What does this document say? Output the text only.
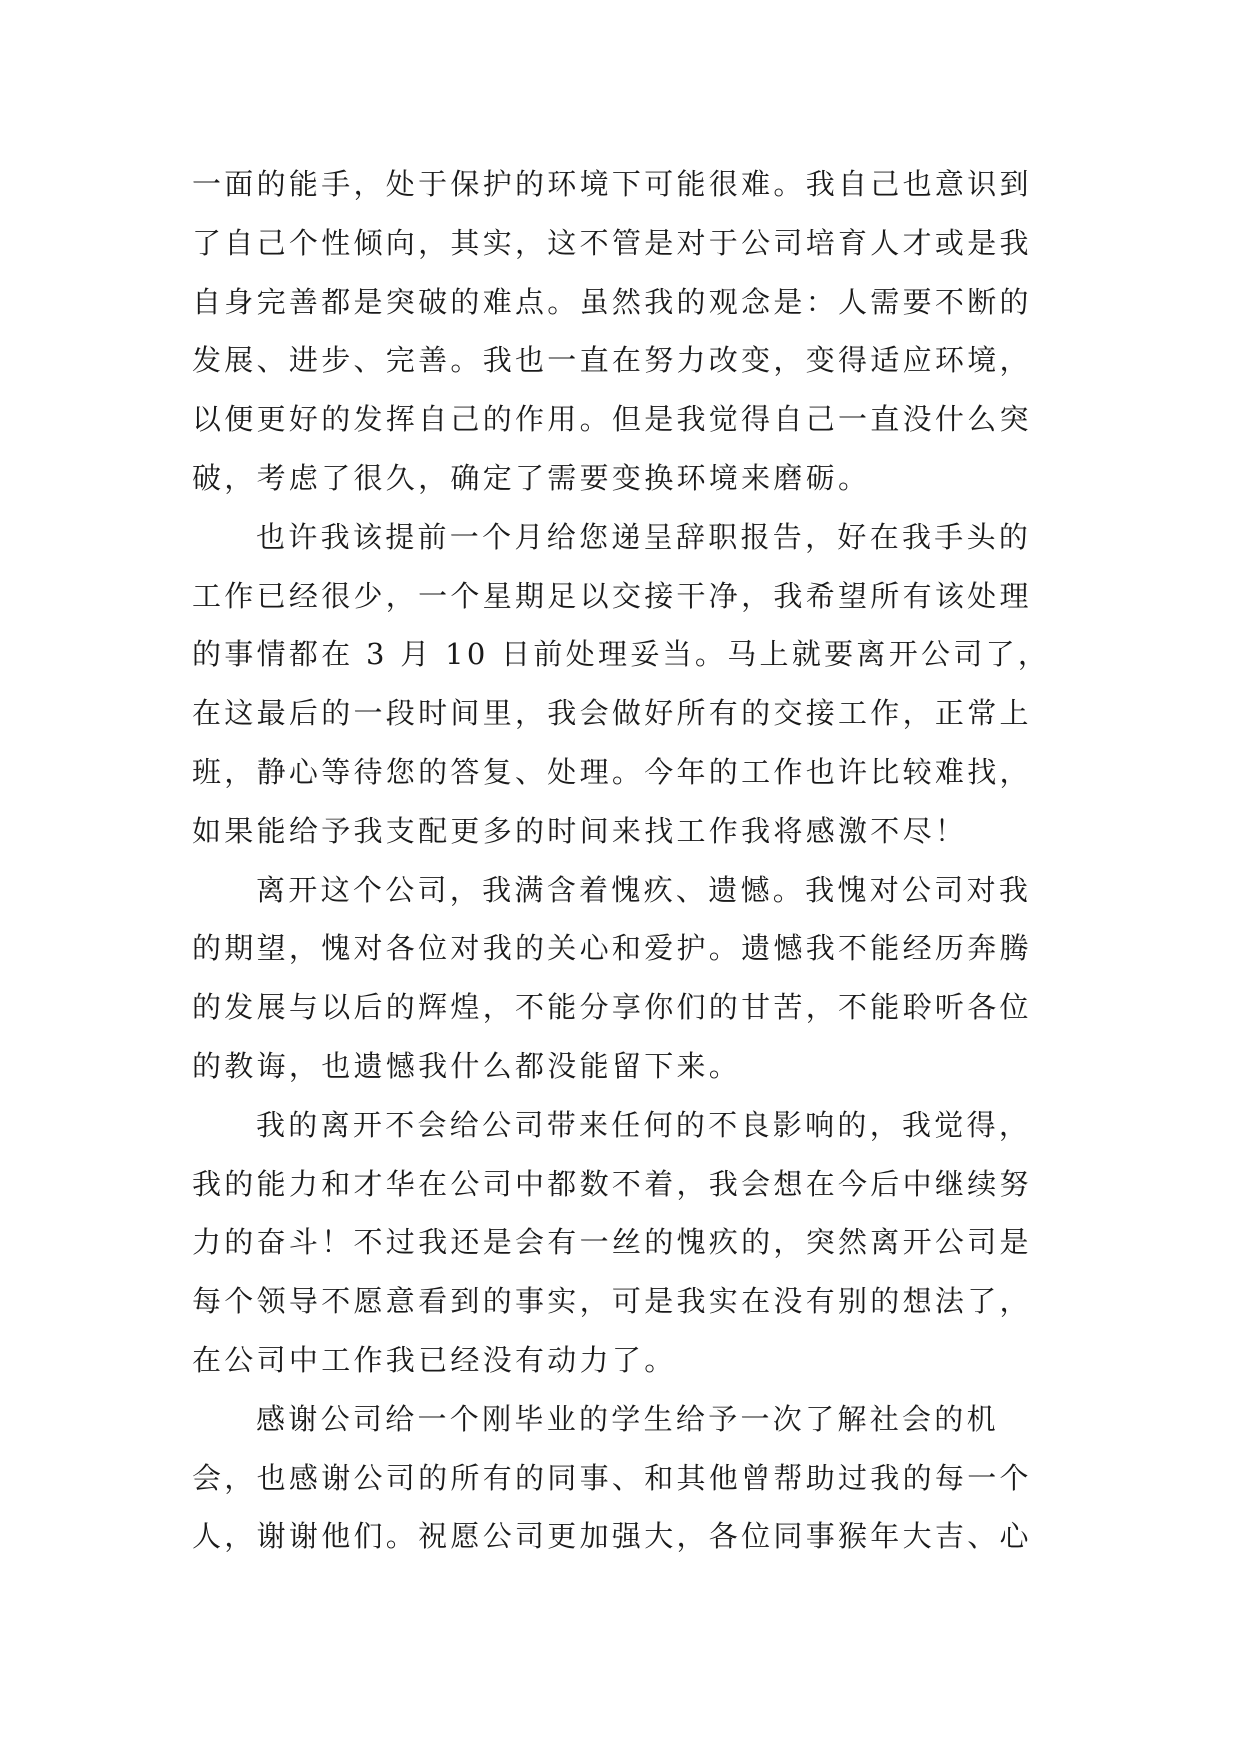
一面的能手，处于保护的环境下可能很难。我自己也意识到
了自己个性倾向，其实，这不管是对于公司培育人才或是我
自身完善都是突破的难点。虽然我的观念是：人需要不断的
发展、进步、完善。我也一直在努力改变，变得适应环境，
以便更好的发挥自己的作用。但是我觉得自己一直没什么突
破，考虑了很久，确定了需要变换环境来磨砺。
也许我该提前一个月给您递呈辞职报告，好在我手头的
工作已经很少，一个星期足以交接干净，我希望所有该处理
的事情都在 3 月 10 日前处理妥当。马上就要离开公司了，
在这最后的一段时间里，我会做好所有的交接工作，正常上
班，静心等待您的答复、处理。今年的工作也许比较难找，
如果能给予我支配更多的时间来找工作我将感激不尽！
离开这个公司，我满含着愧疚、遗憾。我愧对公司对我
的期望，愧对各位对我的关心和爱护。遗憾我不能经历奔腾
的发展与以后的辉煌，不能分享你们的甘苦，不能聆听各位
的教诲，也遗憾我什么都没能留下来。
我的离开不会给公司带来任何的不良影响的，我觉得，
我的能力和才华在公司中都数不着，我会想在今后中继续努
力的奋斗！不过我还是会有一丝的愧疚的，突然离开公司是
每个领导不愿意看到的事实，可是我实在没有别的想法了，
在公司中工作我已经没有动力了。
感谢公司给一个刚毕业的学生给予一次了解社会的机
会，也感谢公司的所有的同事、和其他曾帮助过我的每一个
人，谢谢他们。祝愿公司更加强大，各位同事猴年大吉、心
